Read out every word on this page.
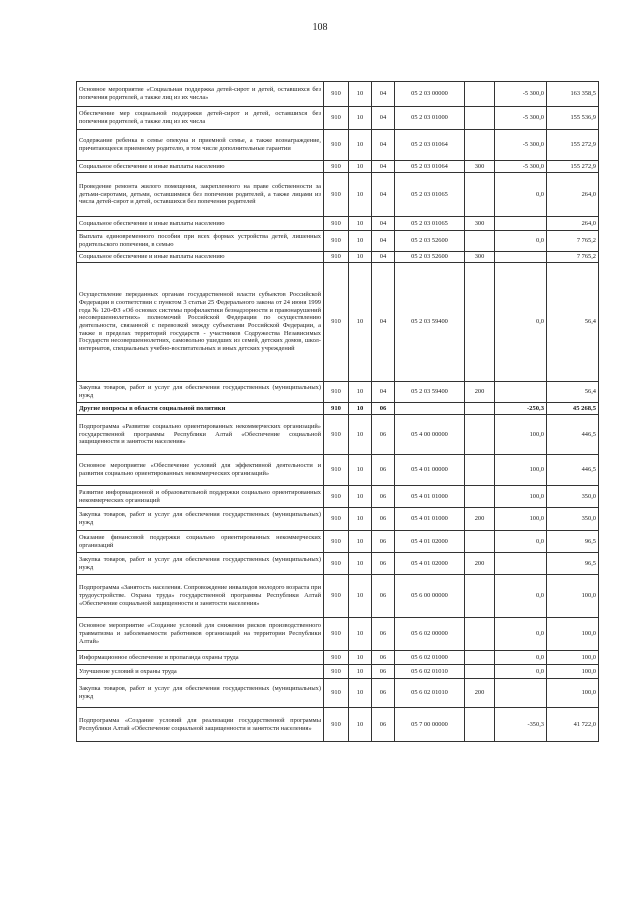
108
Основное мероприятие «Социальная поддержка детей-сирот и детей, оставшихся без попечения родителей, а также лиц из их числа»	910	10	04	05 2 03 00000		-5 300,0	163 358,5
Обеспечение мер социальной поддержки детей-сирот и детей, оставшихся без попечения родителей, а также лиц из их числа	910	10	04	05 2 03 01000		-5 300,0	155 536,9
Содержание ребенка в семье опекуна и приемной семье, а также вознаграждение, причитающееся приемному родителю, в том числе дополнительные гарантии	910	10	04	05 2 03 01064		-5 300,0	155 272,9
Социальное обеспечение и иные выплаты населению	910	10	04	05 2 03 01064	300	-5 300,0	155 272,9
Проведение ремонта жилого помещения, закрепленного на праве собственности за детьми-сиротами, детьми, оставшимися без попечения родителей, а также лицами из числа детей-сирот и детей, оставшихся без попечения родителей	910	10	04	05 2 03 01065		0,0	264,0
Социальное обеспечение и иные выплаты населению	910	10	04	05 2 03 01065	300		264,0
Выплата единовременного пособия при всех формах устройства детей, лишенных родительского попечения, в семью	910	10	04	05 2 03 52600		0,0	7 765,2
Социальное обеспечение и иные выплаты населению	910	10	04	05 2 03 52600	300		7 765,2
Осуществление переданных органам государственной власти субъектов Российской Федерации в соответствии с пунктом 3 статьи 25 Федерального закона от 24 июня 1999 года № 120-ФЗ «Об основах системы профилактики безнадзорности и правонарушений несовершеннолетних» полномочий Российской Федерации по осуществлению деятельности, связанной с перевозкой между субъектами Российской Федерации, а также в пределах территорий государств - участников Содружества Независимых Государств несовершеннолетних, самовольно ушедших из семей, детских домов, школ-интернатов, специальных учебно-воспитательных и иных детских учреждений	910	10	04	05 2 03 59400		0,0	56,4
Закупка товаров, работ и услуг для обеспечения государственных (муниципальных) нужд	910	10	04	05 2 03 59400	200		56,4
Другие вопросы в области социальной политики	910	10	06			-250,3	45 268,5
Подпрограмма «Развитие социально ориентированных некоммерческих организаций» государственной программы Республики Алтай «Обеспечение социальной защищенности и занятости населения»	910	10	06	05 4 00 00000		100,0	446,5
Основное мероприятие «Обеспечение условий для эффективной деятельности и развития социально ориентированных некоммерческих организаций»	910	10	06	05 4 01 00000		100,0	446,5
Развитие информационной и образовательной поддержки социально ориентированных некоммерческих организаций	910	10	06	05 4 01 01000		100,0	350,0
Закупка товаров, работ и услуг для обеспечения государственных (муниципальных) нужд	910	10	06	05 4 01 01000	200	100,0	350,0
Оказание финансовой поддержки социально ориентированных некоммерческих организаций	910	10	06	05 4 01 02000		0,0	96,5
Закупка товаров, работ и услуг для обеспечения государственных (муниципальных) нужд	910	10	06	05 4 01 02000	200		96,5
Подпрограмма «Занятость населения. Сопровождение инвалидов молодого возраста при трудоустройстве. Охрана труда» государственной программы Республики Алтай «Обеспечение социальной защищенности и занятости населения»	910	10	06	05 6 00 00000		0,0	100,0
Основное мероприятие «Создание условий для снижения рисков производственного травматизма и заболеваемости работников организаций на территории Республики Алтай»	910	10	06	05 6 02 00000		0,0	100,0
Информационное обеспечение и пропаганда охраны труда	910	10	06	05 6 02 01000		0,0	100,0
Улучшение условий и охраны труда	910	10	06	05 6 02 01010		0,0	100,0
Закупка товаров, работ и услуг для обеспечения государственных (муниципальных) нужд	910	10	06	05 6 02 01010	200		100,0
Подпрограмма «Создание условий для реализации государственной программы Республики Алтай «Обеспечение социальной защищенности и занятости населения»	910	10	06	05 7 00 00000		-350,3	41 722,0
